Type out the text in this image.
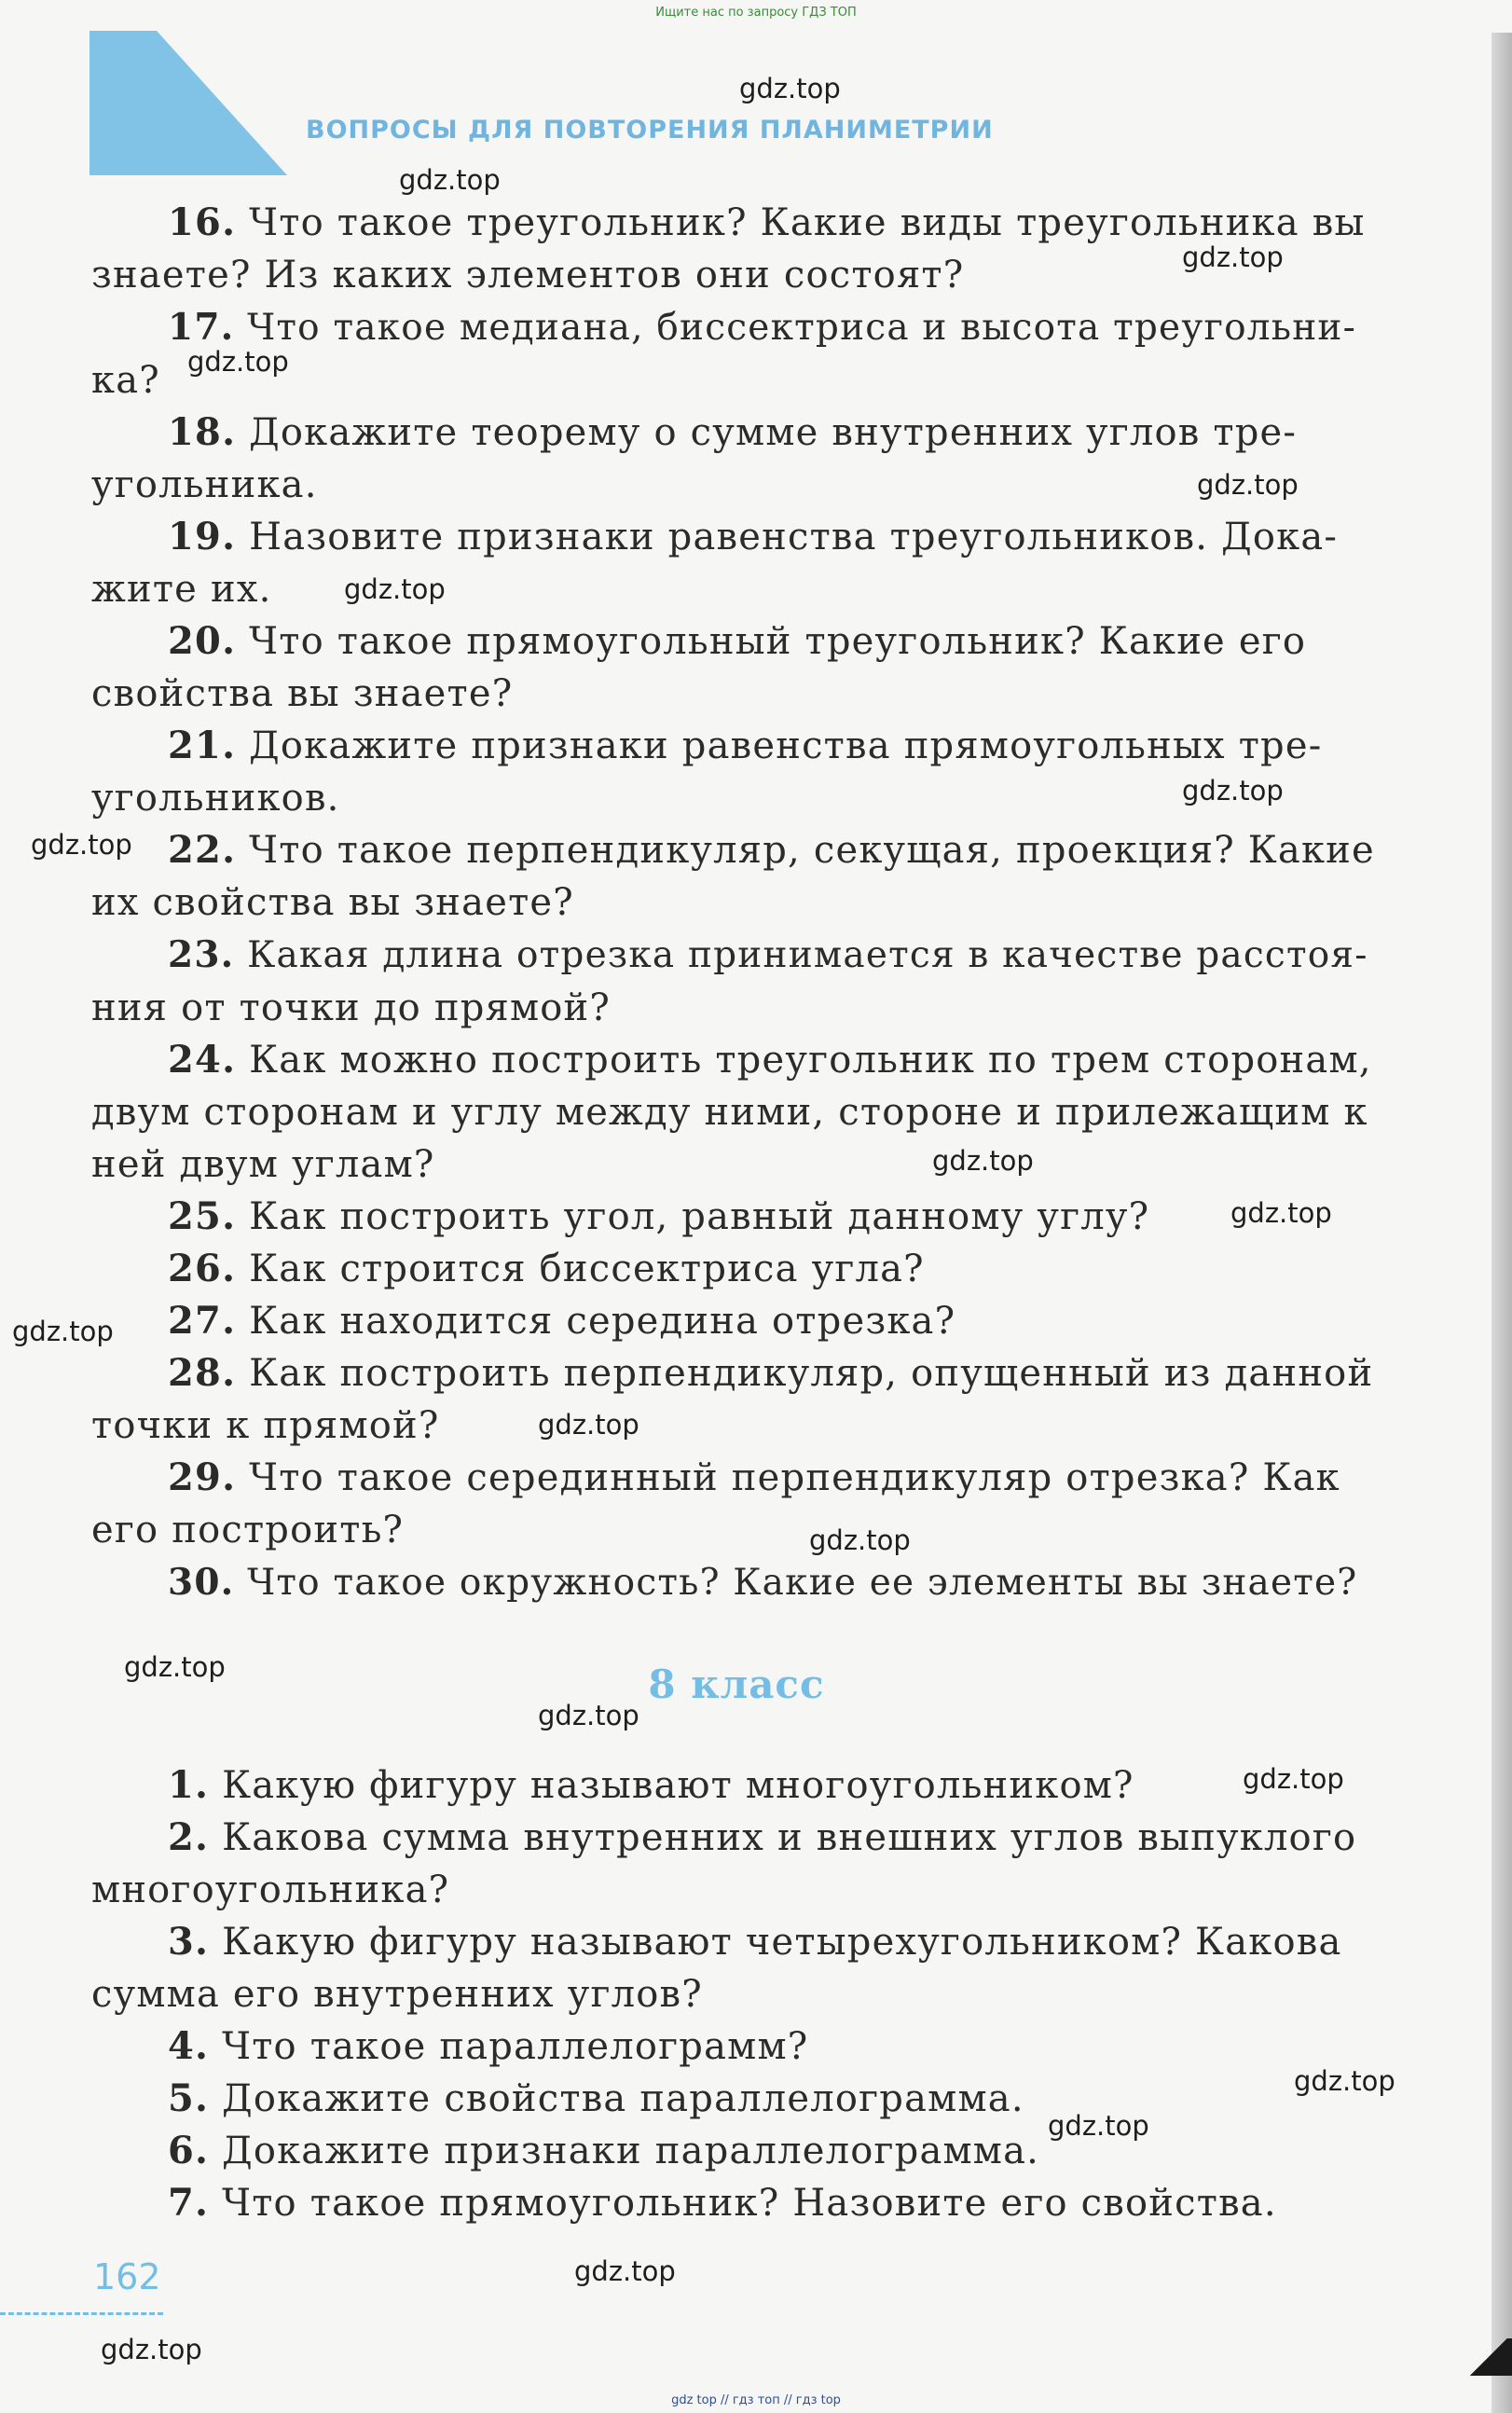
Ищите нас по запросу ГДЗ ТОП
ВОПРОСЫ ДЛЯ ПОВТОРЕНИЯ ПЛАНИМЕТРИИ
16. Что такое треугольник? Какие виды треугольника вы
знаете? Из каких элементов они состоят?
17. Что такое медиана, биссектриса и высота треугольни-
ка?
18. Докажите теорему о сумме внутренних углов тре-
угольника.
19. Назовите признаки равенства треугольников. Дока-
жите их.
20. Что такое прямоугольный треугольник? Какие его
свойства вы знаете?
21. Докажите признаки равенства прямоугольных тре-
угольников.
22. Что такое перпендикуляр, секущая, проекция? Какие
их свойства вы знаете?
23. Какая длина отрезка принимается в качестве расстоя-
ния от точки до прямой?
24. Как можно построить треугольник по трем сторонам,
двум сторонам и углу между ними, стороне и прилежащим к
ней двум углам?
25. Как построить угол, равный данному углу?
26. Как строится биссектриса угла?
27. Как находится середина отрезка?
28. Как построить перпендикуляр, опущенный из данной
точки к прямой?
29. Что такое серединный перпендикуляр отрезка? Как
его построить?
30. Что такое окружность? Какие ее элементы вы знаете?
8 класс
1. Какую фигуру называют многоугольником?
2. Какова сумма внутренних и внешних углов выпуклого
многоугольника?
3. Какую фигуру называют четырехугольником? Какова
сумма его внутренних углов?
4. Что такое параллелограмм?
5. Докажите свойства параллелограмма.
6. Докажите признаки параллелограмма.
7. Что такое прямоугольник? Назовите его свойства.
162
gdz.top
gdz.top
gdz.top
gdz.top
gdz.top
gdz.top
gdz.top
gdz.top
gdz.top
gdz.top
gdz.top
gdz.top
gdz.top
gdz.top
gdz.top
gdz.top
gdz.top
gdz.top
gdz.top
gdz.top
gdz top // гдз топ // гдз top
